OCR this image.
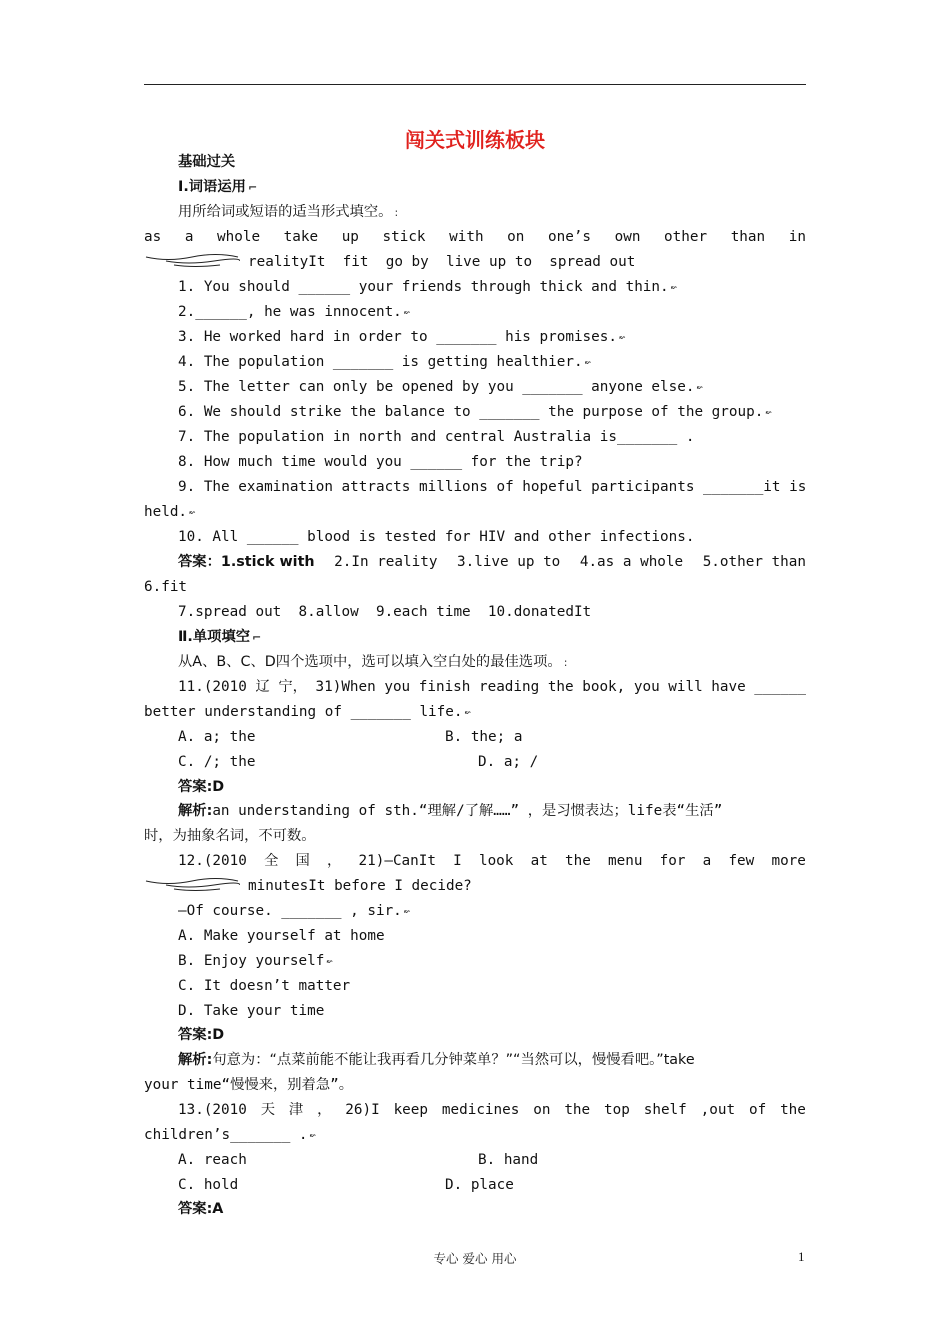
闯关式训练板块
基础过关
Ⅰ.词语运用 ⌐
用所给词或短语的适当形式填空。 :
as a whole take up stick with on one’s own other than in
realityIt  fit  go by  live up to  spread out
1. You should ______ your friends through thick and thin. ↜
2.______, he was innocent. ↜
3. He worked hard in order to _______ his promises. ↜
4. The population _______ is getting healthier. ↜
5. The letter can only be opened by you _______ anyone else. ↜
6. We should strike the balance to _______ the purpose of the group. ↜
7. The population in north and central Australia is_______ .
8. How much time would you ______ for the trip?
9. The examination attracts millions of hopeful participants _______it is
held. ↜
10. All ______ blood is tested for HIV and other infections.
答案：1.stick with 2.In reality 3.live up to 4.as a whole 5.other than
6.fit
7.spread out  8.allow  9.each time  10.donatedIt
Ⅱ.单项填空 ⌐
从A、B、C、D四个选项中，选可以填入空白处的最佳选项。 :
11.(2010 辽 宁， 31)When you finish reading the book, you will have ______
better understanding of _______ life. ↜
A. a; the	B. the; a
C. /; the	D. a; /
答案:D
解析:an understanding of sth.“理解/了解……” ，是习惯表达；life表“生活”
时，为抽象名词，不可数。
12.(2010 全 国 ， 21)—CanIt I look at the menu for a few more
minutesIt before I decide?
—Of course. _______ , sir. ↜
A. Make yourself at home
B. Enjoy yourself ↜
C. It doesn’t matter
D. Take your time
答案:D
解析:句意为：“点菜前能不能让我再看几分钟菜单？”“当然可以，慢慢看吧。”take
your time“慢慢来，别着急”。
13.(2010 天 津 ， 26)I keep medicines on the top shelf ,out of the
children’s_______ . ↜
A. reach	B. hand
C. hold	D. place
答案:A
专心 爱心 用心	1
